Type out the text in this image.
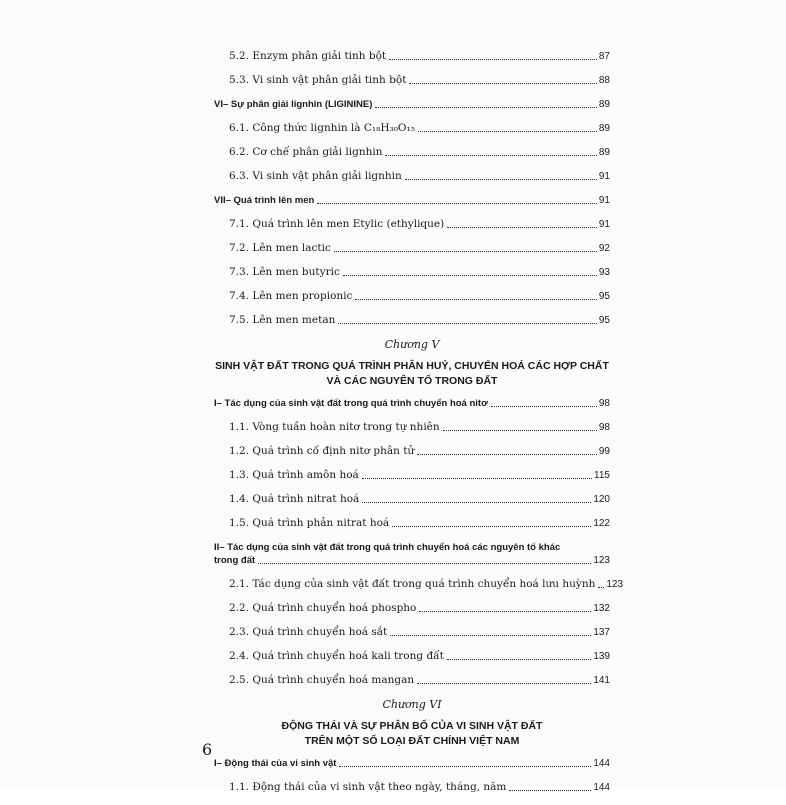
5.2. Enzym phân giải tinh bột	87
5.3. Vi sinh vật phân giải tinh bột	88
VI– Sự phân giải lignhin (LIGININE)	89
6.1. Công thức lignhin là C₁₈H₃₀O₁₅	89
6.2. Cơ chế phân giải lignhin	89
6.3. Vi sinh vật phân giải lignhin	91
VII– Quá trình lên men	91
7.1. Quá trình lên men Etylic (ethylique)	91
7.2. Lên men lactic	92
7.3. Lên men butyric	93
7.4. Lên men propionic	95
7.5. Lên men metan	95
Chương V
SINH VẬT ĐẤT TRONG QUÁ TRÌNH PHÂN HUỶ, CHUYỂN HOÁ CÁC HỢP CHẤT
VÀ CÁC NGUYÊN TỐ TRONG ĐẤT
I– Tác dụng của sinh vật đất trong quá trình chuyển hoá nitơ	98
1.1. Vòng tuần hoàn nitơ trong tự nhiên	98
1.2. Quá trình cố định nitơ phân tử	99
1.3. Quá trình amôn hoá	115
1.4. Quá trình nitrat hoá	120
1.5. Quá trình phản nitrat hoá	122
II– Tác dụng của sinh vật đất trong quá trình chuyển hoá các nguyên tố khác
trong đất	123
2.1. Tác dụng của sinh vật đất trong quá trình chuyển hoá lưu huỳnh 123
2.2. Quá trình chuyển hoá phospho	132
2.3. Quá trình chuyển hoá sắt	137
2.4. Quá trình chuyển hoá kali trong đất	139
2.5. Quá trình chuyển hoá mangan	141
Chương VI
ĐỘNG THÁI VÀ SỰ PHÂN BỐ CỦA VI SINH VẬT ĐẤT
TRÊN MỘT SỐ LOẠI ĐẤT CHÍNH VIỆT NAM
I– Động thái của vi sinh vật	144
1.1. Động thái của vi sinh vật theo ngày, tháng, năm	144
6
